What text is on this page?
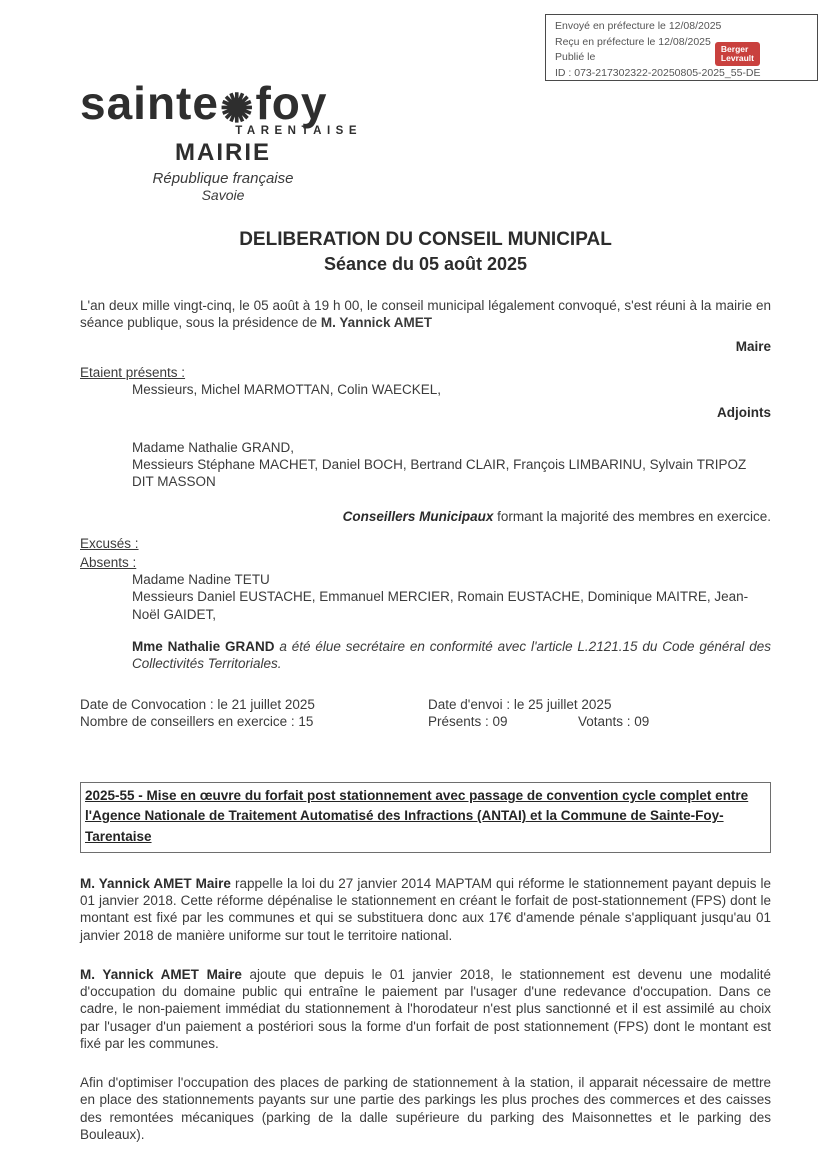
Envoyé en préfecture le 12/08/2025
Reçu en préfecture le 12/08/2025
Publié le
ID : 073-217302322-20250805-2025_55-DE
Berger
Levrault
sainte✺foy
TARENTAISE
MAIRIE
République française
Savoie
DELIBERATION DU CONSEIL MUNICIPAL
Séance du 05 août 2025
L'an deux mille vingt-cinq, le 05 août à 19 h 00, le conseil municipal légalement convoqué, s'est réuni à la mairie en séance publique, sous la présidence de M. Yannick AMET
Maire
Etaient présents :
Messieurs, Michel MARMOTTAN, Colin WAECKEL,
Adjoints
Madame Nathalie GRAND,
Messieurs Stéphane MACHET, Daniel BOCH, Bertrand CLAIR, François LIMBARINU, Sylvain TRIPOZ DIT MASSON
Conseillers Municipaux formant la majorité des membres en exercice.
Excusés :
Absents :
Madame Nadine TETU
Messieurs Daniel EUSTACHE, Emmanuel MERCIER, Romain EUSTACHE, Dominique MAITRE, Jean-Noël GAIDET,
Mme Nathalie GRAND a été élue secrétaire en conformité avec l'article L.2121.15 du Code général des Collectivités Territoriales.
Date de Convocation : le 21 juillet 2025	Date d'envoi : le 25 juillet 2025
Nombre de conseillers en exercice : 15	Présents : 09	Votants : 09
2025-55 - Mise en œuvre du forfait post stationnement avec passage de convention cycle complet entre l'Agence Nationale de Traitement Automatisé des Infractions (ANTAI) et la Commune de Sainte-Foy-Tarentaise
M. Yannick AMET Maire rappelle la loi du 27 janvier 2014 MAPTAM qui réforme le stationnement payant depuis le 01 janvier 2018. Cette réforme dépénalise le stationnement en créant le forfait de post-stationnement (FPS) dont le montant est fixé par les communes et qui se substituera donc aux 17€ d'amende pénale s'appliquant jusqu'au 01 janvier 2018 de manière uniforme sur tout le territoire national.
M. Yannick AMET Maire ajoute que depuis le 01 janvier 2018, le stationnement est devenu une modalité d'occupation du domaine public qui entraîne le paiement par l'usager d'une redevance d'occupation. Dans ce cadre, le non-paiement immédiat du stationnement à l'horodateur n'est plus sanctionné et il est assimilé au choix par l'usager d'un paiement a postériori sous la forme d'un forfait de post stationnement (FPS) dont le montant est fixé par les communes.
Afin d'optimiser l'occupation des places de parking de stationnement à la station, il apparait nécessaire de mettre en place des stationnements payants sur une partie des parkings les plus proches des commerces et des caisses des remontées mécaniques (parking de la dalle supérieure du parking des Maisonnettes et le parking des Bouleaux).
